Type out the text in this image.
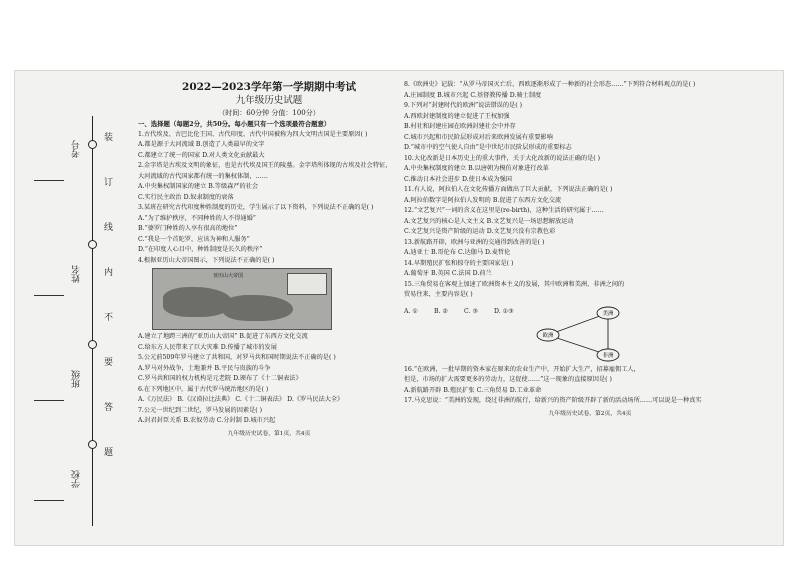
装
订
线
内
不
要
答
题
考号
姓名
班级
学校
2022—2023学年第一学期期中考试
九年级历史试题
（时间：60分钟 分值：100分）
一、选择题（每题2分，共50分。每小题只有一个选项最符合题意）
1.古代埃及、古巴比伦王国、古代印度、古代中国被称为四大文明古国是主要原因( )
A.都是源于大河流域 B.创造了人类最早的文字
C.都建立了统一的国家 D.对人类文化贡献最大
2.金字塔是古埃及文明的象征，也是古代埃及国王的陵墓。金字塔所体现的古埃及社会特征，
大河流域的古代国家都有统一的集权体制，……
A.中央集权制国家的建立 B.等级森严的社会
C.实行民主政治 D.奴隶制度的衰落
3.某班在研究古代印度种姓制度的历史，学生展示了以下资料，下列说法不正确的是( )
A.“为了维护秩序，不同种姓的人不得通婚”
B.“婆罗门种姓的人享有很高的地位”
C.“我是一个首陀罗，应该为神和人服务”
D.“在印度人心目中，种姓制度是长久的秩序”
4.根据亚历山大帝国图示，下列说法不正确的是( )
亚历山大帝国
A.建立了地跨三洲的“亚历山大帝国” B.促进了东西方文化交流
C.给东方人民带来了巨大灾难 D.传播了城市的发展
5.公元前509年罗马建立了共和国，对罗马共和国时期说法不正确的是( )
A.罗马对外战争，土地兼并 B.平民与贵族的斗争
C.罗马共和国的权力机构是元老院 D.颁布了《十二铜表法》
6.在下列地区中，属于古代罗马统治地区的是( )
A.《万民法》 B.《汉谟拉比法典》 C.《十二铜表法》 D.《罗马民法大全》
7.公元一世纪到二世纪，罗马发展的因素是( )
A.封君封臣关系 B.农奴劳动 C.分封制 D.城市兴起
九年级历史试卷，第1页，共4页
8.《欧洲史》记载：“从罗马帝国灭亡后，西欧逐渐形成了一种新的社会形态……”下列符合材料观点的是( )
A.庄园制度 B.城市兴起 C.基督教传播 D.骑士制度
9.下列对“封建时代的欧洲”说法错误的是( )
A.西欧封建制度的建立促进了王权加强
B.村社和封建庄园在欧洲封建社会中并存
C.城市兴起和市民阶层形成对后来欧洲发展有重要影响
D.“城市中的空气使人自由”是中世纪市民阶层形成的重要标志
10.大化改新是日本历史上的重大事件，关于大化改新的说法正确的是( )
A.中央集权制度的建立 B.以唐朝为模仿对象进行改革
C.推动日本社会进步 D.使日本成为强国
11.有人说，阿拉伯人在文化传播方面做出了巨大贡献，下列说法正确的是( )
A.阿拉伯数字是阿拉伯人发明的 B.促进了东西方文化交流
12.“文艺复兴”一词的含义在这里是(re-birth)，这种生活的研究属于……
A.文艺复兴的核心是人文主义 B.文艺复兴是一场思想解放运动
C.文艺复兴是资产阶级的运动 D.文艺复兴没有宗教色彩
13.新航路开辟，欧洲与亚洲的交通得到改善的是( )
A.迪亚士 B.哥伦布 C.达伽马 D.麦哲伦
14.早期殖民扩张和掠夺的主要国家是( )
A.葡萄牙 B.英国 C.法国 D.荷兰
15.三角贸易在客观上加速了欧洲资本主义的发展，其中欧洲和美洲、非洲之间的
贸易往来，主要内容是( )
A. ①	B. ②	C. ③	D. ①③
欧洲
美洲
非洲
16.“在欧洲，一批早期的资本家在原来的农业生产中，开始扩大生产，招募雇佣工人，
但是，市场的扩大需要更多的劳动力，这促使……”这一现象的直接原因是( )
A.新航路开辟 B.殖民扩张 C.三角贸易 D.工业革命
17.马克思说：“美洲的发现，绕过非洲的航行，给新兴的资产阶级开辟了新的活动场所……可以说是一种真实
九年级历史试卷，第2页，共4页
